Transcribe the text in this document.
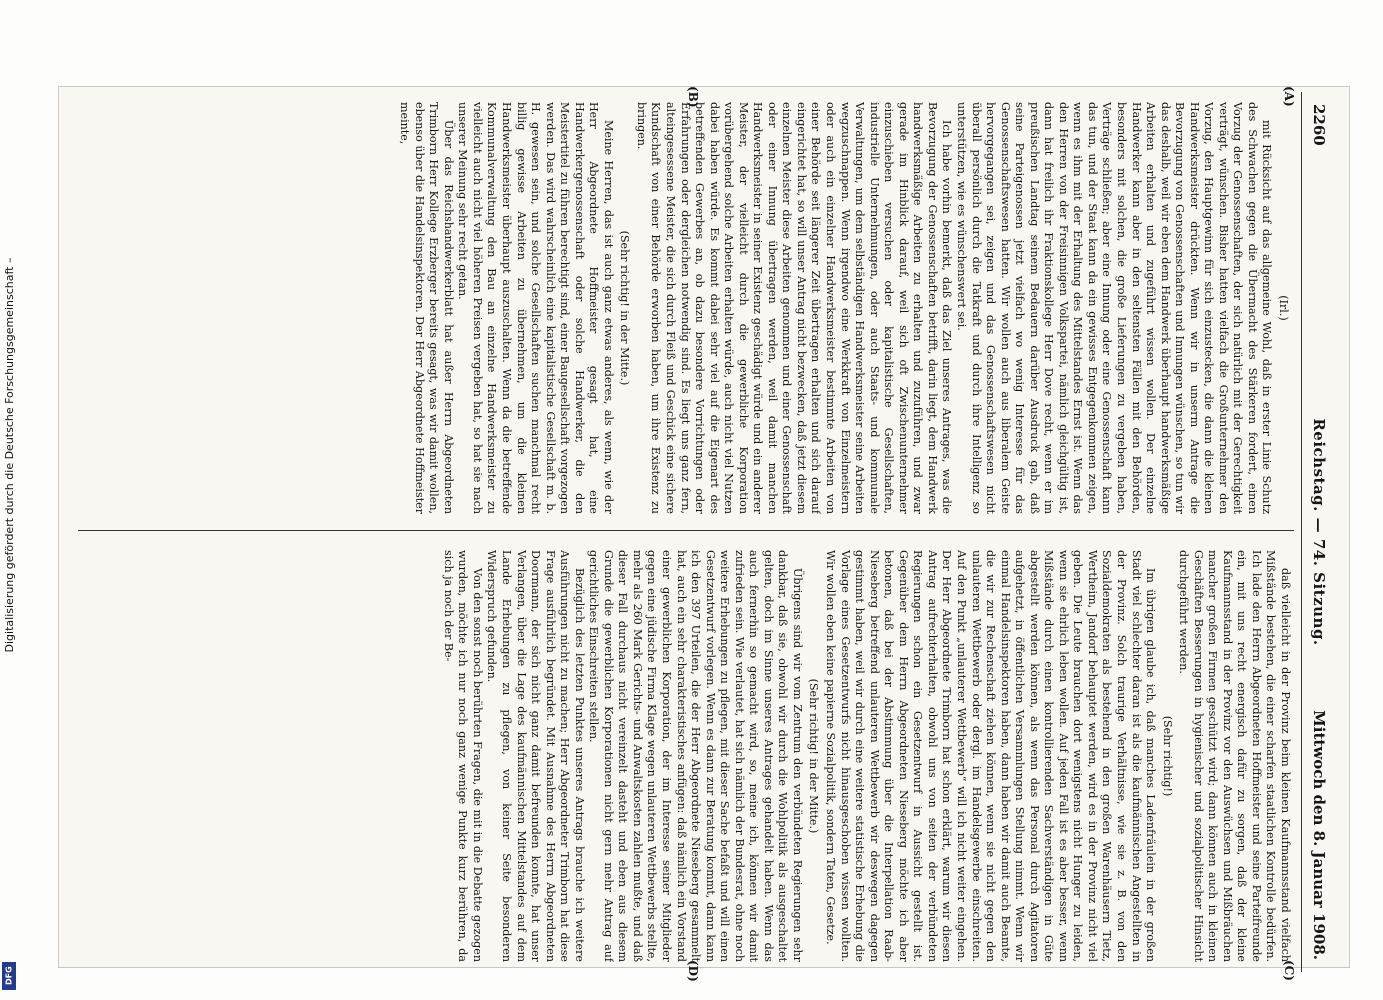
2260
Reichstag. — 74. Sitzung.
Mittwoch den 8. Januar 1908.
(A)
(B)
(C)
(D)

(Irl.)

mit Rücksicht auf das allgemeine Wohl, daß in erster Linie Schutz des Schwachen gegen die Übermacht des Stärkeren fordert, einen Vorzug der Genossenschaften, der sich natürlich mit der Gerechtigkeit verträgt, wünschen. Bisher hatten vielfach die Großunternehmer den Vorzug, den Hauptgewinn für sich einzustecken, die dann die kleinen Handwerksmeister drückten. Wenn wir in unserm Antrage die Bevorzugung von Genossenschaften und Innungen wünschen, so tun wir das deshalb, weil wir eben dem Handwerk überhaupt handwerksmäßige Arbeiten erhalten und zugeführt wissen wollen. Der einzelne Handwerker kann aber in den seltensten Fällen mit den Behörden, besonders mit solchen, die große Lieferungen zu vergeben haben, Verträge schließen; aber eine Innung oder eine Genossenschaft kann das tun, und der Staat kann da ein gewisses Entgegenkommen zeigen, wenn es ihm mit der Erhaltung des Mittelstandes Ernst ist. Wenn das den Herren von der Freisinnigen Volkspartei, nämlich gleichgültig ist, dann hat freilich ihr Fraktionskollege Herr Dove recht, wenn er im preußischen Landtag seinem Bedauern darüber Ausdruck gab, daß seine Parteigenossen jetzt vielfach wo wenig Interesse für das Genossenschaftswesen hatten. Wir wollen auch aus liberalem Geiste hervorgegangen sei, zeigen und das Genossenschaftswesen nicht überall persönlich durch die Tatkraft und durch ihre Intelligenz so unterstützen, wie es wünschenswert sei.

Ich habe vorhin bemerkt, daß das Ziel unseres Antrages, was die Bevorzugung der Genossenschaften betrifft, darin liegt, dem Handwerk handwerksmäßige Arbeiten zu erhalten und zuzuführen, und zwar gerade im Hinblick darauf, weil sich oft Zwischenunternehmer einzuschieben versuchen oder kapitalistische Gesellschaften, industrielle Unternehmungen, oder auch Staats- und kommunale Verwaltungen, um dem selbständigen Handwerksmeister seine Arbeiten wegzuschnappen. Wenn irgendwo eine Werkkraft von Einzelmeistern oder auch ein einzelner Handwerksmeister bestimmte Arbeiten von einer Behörde seit längerer Zeit übertragen erhalten und sich darauf eingerichtet hat, so will unser Antrag nicht bezwecken, daß jetzt diesem einzelnen Meister diese Arbeiten genommen und einer Genossenschaft oder einer Innung übertragen werden, weil damit manchen Handwerksmeister in seiner Existenz geschädigt würde und ein anderer Meister, der vielleicht durch die gewerbliche Korporation vorübergehend solche Arbeiten erhalten würde, auch nicht viel Nutzen dabei haben würde. Es kommt dabei sehr viel auf die Eigenart des betreffenden Gewerbes an, ob dazu besondere Vorrichtungen oder Erfahrungen oder dergleichen notwendig sind. Es liegt uns ganz fern, alteingesessene Meister, die sich durch Fleiß und Geschick eine sichere Kundschaft von einer Behörde erworben haben, um ihre Existenz zu bringen.

(Sehr richtig! in der Mitte.)

Meine Herren, das ist auch ganz etwas anderes, als wenn, wie der Herr Abgeordnete Hoffmeister gesagt hat, eine Handwerkergenossenschaft oder solche Handwerker, die den Meistertitel zu führen berechtigt sind, einer Baugesellschaft vorgezogen werden. Das wird wahrscheinlich eine kapitalistische Gesellschaft m. b. H. gewesen sein, und solche Gesellschaften suchen manchmal recht billig gewisse Arbeiten zu übernehmen, um die kleinen Handwerksmeister überhaupt auszuschalten. Wenn da die betreffende Kommunalverwaltung den Bau an einzelne Handwerksmeister zu vielleicht auch nicht viel höheren Preisen vergeben hat, so hat sie nach unserer Meinung sehr recht getan.

Über das Reichshandwerkerblatt hat außer Herrn Abgeordneten Trimborn Herr Kollege Erzberger bereits gesagt, was wir damit wollen, ebenso über die Handelsinspektoren. Der Herr Abgeordnete Hoffmeister meinte,

daß vielleicht in der Provinz beim kleinen Kaufmannsstand vielfach Mißstände bestehen, die einer scharfen staatlichen Kontrolle bedürfen. Ich lade den Herrn Abgeordneten Hoffmeister und seine Parteifreunde ein, mit uns recht energisch dafür zu sorgen, daß der kleine Kaufmannsstand in der Provinz vor den Auswüchsen und Mißbräuchen mancher großen Firmen geschützt wird; dann können auch in kleinen Geschäften Besserungen in hygienischer und sozialpolitischer Hinsicht durchgeführt werden.

(Sehr richtig!)

Im übrigen glaube ich, daß manches Ladenfräulein in der großen Stadt viel schlechter daran ist als die kaufmännischen Angestellten in der Provinz. Solch traurige Verhältnisse, wie sie z. B. von den Sozialdemokraten als bestehend in den großen Warenhäusern Tietz, Wertheim, Jandorf behauptet werden, wird es in der Provinz nicht viel geben. Die Leute brauchen dort wenigstens nicht Hunger zu leiden, wenn sie ehrlich leben wollen. Auf jeden Fall ist es aber besser, wenn Mißstände durch einen kontrollierenden Sachverständigen in Güte abgestellt werden können, als wenn das Personal durch Agitatoren aufgehetzt, in öffentlichen Versammlungen Stellung nimmt. Wenn wir einmal Handelsinspektoren haben, dann haben wir damit auch Beamte, die wir zur Rechenschaft ziehen können, wenn sie nicht gegen den unlauteren Wettbewerb oder dergl. im Handelsgewerbe einschreiten. Auf den Punkt „unlauterer Wettbewerb“ will ich nicht weiter eingehen. Der Herr Abgeordnete Trimborn hat schon erklärt, warum wir diesen Antrag aufrechterhalten, obwohl uns von seiten der verbündeten Regierungen schon ein Gesetzentwurf in Aussicht gestellt ist. Gegenüber dem Herrn Abgeordneten Nieseberg möchte ich aber betonen, daß bei der Abstimmung über die Interpellation Raab-Nieseberg betreffend unlauteren Wettbewerb wir deswegen dagegen gestimmt haben, weil wir durch eine weitere statistische Erhebung die Vorlage eines Gesetzentwurfs nicht hinausgeschoben wissen wollten. Wir wollen eben keine papierne Sozialpolitik, sondern Taten, Gesetze.

(Sehr richtig! in der Mitte.)

Übrigens sind wir vom Zentrum den verbündeten Regierungen sehr dankbar, daß sie, obwohl wir durch die Wohlpolitik als ausgeschaltet gelten, doch im Sinne unseres Antrages gehandelt haben. Wenn das auch fernerhin so gemacht wird, so, meine ich, können wir damit zufrieden sein. Wie verlautet, hat sich nämlich der Bundesrat, ohne noch weitere Erhebungen zu pflegen, mit dieser Sache befaßt und will einen Gesetzentwurf vorlegen. Wenn es dann zur Beratung kommt, dann kann ich den 397 Urteilen, die der Herr Abgeordnete Nieseberg gesammelt hat, auch ein sehr charakteristisches anfügen: daß nämlich ein Vorstand einer gewerblichen Korporation, der im Interesse seiner Mitglieder gegen eine jüdische Firma Klage wegen unlauteren Wettbewerbs stellte, mehr als 260 Mark Gerichts- und Anwaltskosten zahlen mußte, und daß dieser Fall durchaus nicht vereinzelt dasteht und eben aus diesem Grunde die gewerblichen Korporationen nicht gern mehr Antrag auf gerichtliches Einschreiten stellen.

Bezüglich des letzten Punktes unseres Antrags brauche ich weitere Ausführungen nicht zu machen; Herr Abgeordneter Trimborn hat diese Frage ausführlich begründet. Mit Ausnahme des Herrn Abgeordneten Doormann, der sich nicht ganz damit befreunden konnte, hat unser Verlangen, über die Lage des kaufmännischen Mittelstandes auf dem Lande Erhebungen zu pflegen, von keiner Seite besonderen Widerspruch gefunden.

Von den sonst noch berührten Fragen, die mit in die Debatte gezogen wurden, möchte ich nur noch ganz wenige Punkte kurz berühren, da sich ja noch der Be-

Digitalisierung gefördert durch die Deutsche Forschungsgemeinschaft –
DFG
